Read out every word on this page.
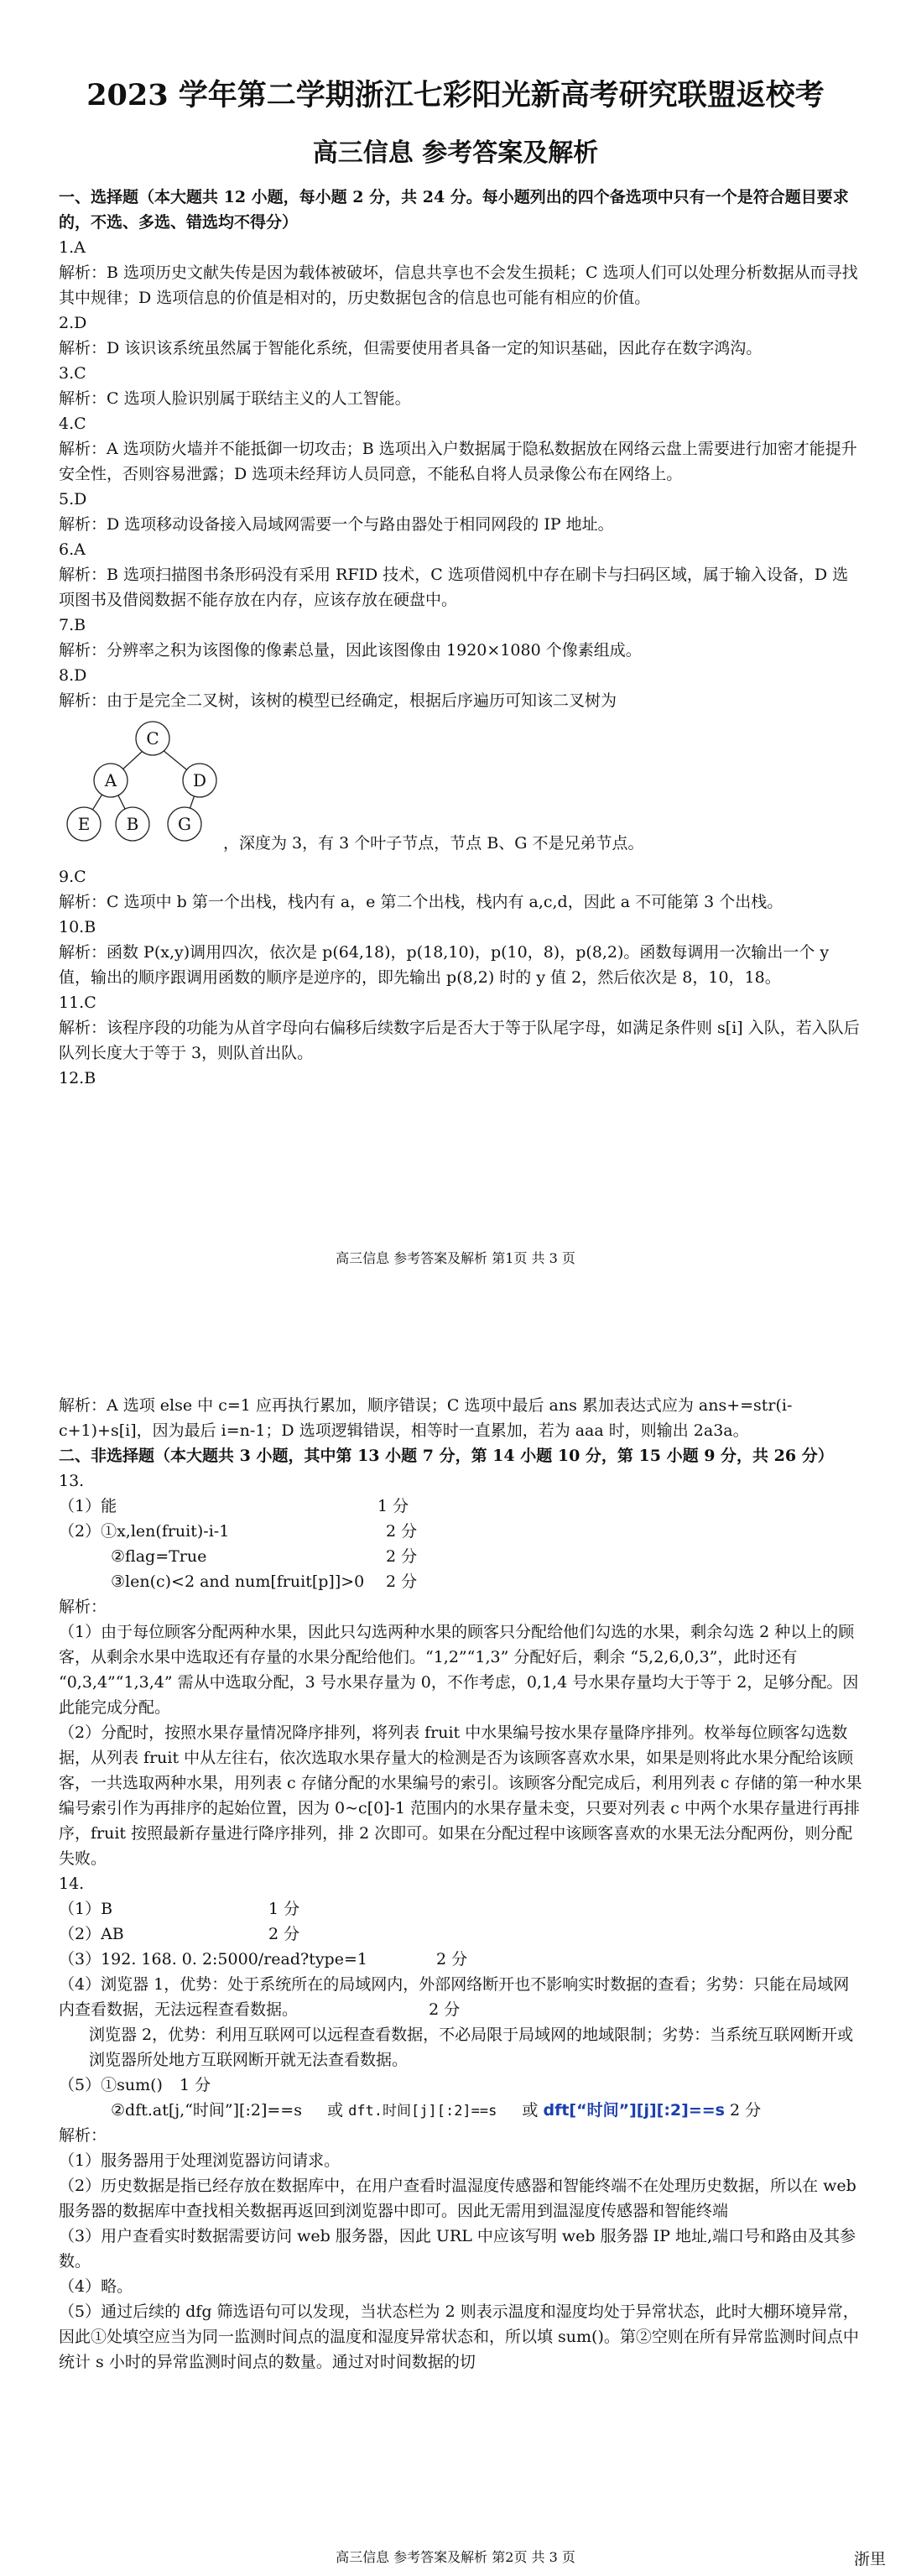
2023 学年第二学期浙江七彩阳光新高考研究联盟返校考
高三信息 参考答案及解析
一、选择题（本大题共 12 小题，每小题 2 分，共 24 分。每小题列出的四个备选项中只有一个是符合题目要求的，不选、多选、错选均不得分）
1.A
解析：B 选项历史文献失传是因为载体被破坏，信息共享也不会发生损耗；C 选项人们可以处理分析数据从而寻找其中规律；D 选项信息的价值是相对的，历史数据包含的信息也可能有相应的价值。
2.D
解析：D 该识该系统虽然属于智能化系统，但需要使用者具备一定的知识基础，因此存在数字鸿沟。
3.C
解析：C 选项人脸识别属于联结主义的人工智能。
4.C
解析：A 选项防火墙并不能抵御一切攻击；B 选项出入户数据属于隐私数据放在网络云盘上需要进行加密才能提升安全性，否则容易泄露；D 选项未经拜访人员同意，不能私自将人员录像公布在网络上。
5.D
解析：D 选项移动设备接入局域网需要一个与路由器处于相同网段的 IP 地址。
6.A
解析：B 选项扫描图书条形码没有采用 RFID 技术，C 选项借阅机中存在刷卡与扫码区域，属于输入设备，D 选项图书及借阅数据不能存放在内存，应该存放在硬盘中。
7.B
解析：分辨率之积为该图像的像素总量，因此该图像由 1920×1080 个像素组成。
8.D
解析：由于是完全二叉树，该树的模型已经确定，根据后序遍历可知该二叉树为
C
A	D
E B G
，深度为 3，有 3 个叶子节点，节点 B、G 不是兄弟节点。
9.C
解析：C 选项中 b 第一个出栈，栈内有 a，e 第二个出栈，栈内有 a,c,d，因此 a 不可能第 3 个出栈。
10.B
解析：函数 P(x,y)调用四次，依次是 p(64,18)，p(18,10)，p(10，8)，p(8,2)。函数每调用一次输出一个 y 值，输出的顺序跟调用函数的顺序是逆序的，即先输出 p(8,2) 时的 y 值 2，然后依次是 8，10，18。
11.C
解析：该程序段的功能为从首字母向右偏移后续数字后是否大于等于队尾字母，如满足条件则 s[i] 入队，若入队后队列长度大于等于 3，则队首出队。
12.B
高三信息 参考答案及解析 第1页 共 3 页
解析：A 选项 else 中 c=1 应再执行累加，顺序错误；C 选项中最后 ans 累加表达式应为 ans+=str(i-c+1)+s[i]，因为最后 i=n-1；D 选项逻辑错误，相等时一直累加，若为 aaa 时，则输出 2a3a。
二、非选择题（本大题共 3 小题，其中第 13 小题 7 分，第 14 小题 10 分，第 15 小题 9 分，共 26 分）
13.
（1）能	1 分
（2）①x,len(fruit)-i-1	2 分
②flag=True	2 分
③len(c)<2 and num[fruit[p]]>0 2 分
解析：
（1）由于每位顾客分配两种水果，因此只勾选两种水果的顾客只分配给他们勾选的水果，剩余勾选 2 种以上的顾客，从剩余水果中选取还有存量的水果分配给他们。“1,2”“1,3” 分配好后，剩余 “5,2,6,0,3”，此时还有 “0,3,4”“1,3,4” 需从中选取分配，3 号水果存量为 0，不作考虑，0,1,4 号水果存量均大于等于 2，足够分配。因此能完成分配。
（2）分配时，按照水果存量情况降序排列，将列表 fruit 中水果编号按水果存量降序排列。枚举每位顾客勾选数据，从列表 fruit 中从左往右，依次选取水果存量大的检测是否为该顾客喜欢水果，如果是则将此水果分配给该顾客，一共选取两种水果，用列表 c 存储分配的水果编号的索引。该顾客分配完成后，利用列表 c 存储的第一种水果编号索引作为再排序的起始位置，因为 0~c[0]-1 范围内的水果存量未变，只要对列表 c 中两个水果存量进行再排序，fruit 按照最新存量进行降序排列，排 2 次即可。如果在分配过程中该顾客喜欢的水果无法分配两份，则分配失败。
14.
（1）B	1 分
（2）AB	2 分
（3）192. 168. 0. 2:5000/read?type=1	2 分
（4）浏览器 1，优势：处于系统所在的局域网内，外部网络断开也不影响实时数据的查看；劣势：只能在局域网内查看数据，无法远程查看数据。	2 分
浏览器 2，优势：利用互联网可以远程查看数据，不必局限于局域网的地域限制；劣势：当系统互联网断开或浏览器所处地方互联网断开就无法查看数据。
（5）①sum() 1 分
②dft.at[j,“时间”][:2]==s 或 dft.时间[j][:2]==s 或 dft[“时间”][j][:2]==s 2 分
解析：
（1）服务器用于处理浏览器访问请求。
（2）历史数据是指已经存放在数据库中，在用户查看时温湿度传感器和智能终端不在处理历史数据，所以在 web 服务器的数据库中查找相关数据再返回到浏览器中即可。因此无需用到温湿度传感器和智能终端
（3）用户查看实时数据需要访问 web 服务器，因此 URL 中应该写明 web 服务器 IP 地址,端口号和路由及其参数。
（4）略。
（5）通过后续的 dfg 筛选语句可以发现，当状态栏为 2 则表示温度和湿度均处于异常状态，此时大棚环境异常，因此①处填空应当为同一监测时间点的温度和湿度异常状态和，所以填 sum()。第②空则在所有异常监测时间点中统计 s 小时的异常监测时间点的数量。通过对时间数据的切
高三信息 参考答案及解析 第2页 共 3 页	浙里
